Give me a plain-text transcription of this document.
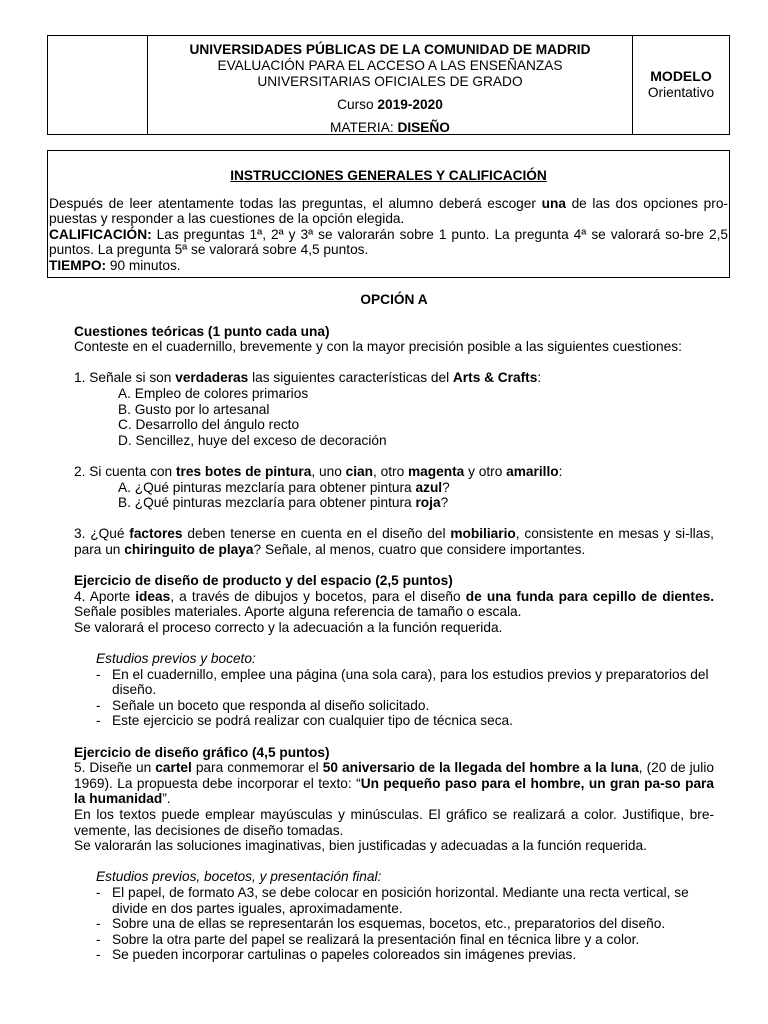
UNIVERSIDADES PÚBLICAS DE LA COMUNIDAD DE MADRID
EVALUACIÓN PARA EL ACCESO A LAS ENSEÑANZAS
UNIVERSITARIAS OFICIALES DE GRADO
Curso 2019-2020
MATERIA: DISEÑO
MODELO
Orientativo
INSTRUCCIONES GENERALES Y CALIFICACIÓN

Después de leer atentamente todas las preguntas, el alumno deberá escoger una de las dos opciones pro-puestas y responder a las cuestiones de la opción elegida.

CALIFICACIÓN: Las preguntas 1ª, 2ª y 3ª se valorarán sobre 1 punto. La pregunta 4ª se valorará so-bre 2,5 puntos. La pregunta 5ª se valorará sobre 4,5 puntos.

TIEMPO: 90 minutos.

OPCIÓN A

Cuestiones teóricas (1 punto cada una)

Conteste en el cuadernillo, brevemente y con la mayor precisión posible a las siguientes cuestiones:

1. Señale si son verdaderas las siguientes características del Arts & Crafts:

A. Empleo de colores primarios

B. Gusto por lo artesanal

C. Desarrollo del ángulo recto

D. Sencillez, huye del exceso de decoración

2. Si cuenta con tres botes de pintura, uno cian, otro magenta y otro amarillo:

A. ¿Qué pinturas mezclaría para obtener pintura azul?

B. ¿Qué pinturas mezclaría para obtener pintura roja?

3. ¿Qué factores deben tenerse en cuenta en el diseño del mobiliario, consistente en mesas y si-llas, para un chiringuito de playa? Señale, al menos, cuatro que considere importantes.

Ejercicio de diseño de producto y del espacio (2,5 puntos)

4. Aporte ideas, a través de dibujos y bocetos, para el diseño de una funda para cepillo de dientes. Señale posibles materiales. Aporte alguna referencia de tamaño o escala.

Se valorará el proceso correcto y la adecuación a la función requerida.

Estudios previos y boceto:

- En el cuadernillo, emplee una página (una sola cara), para los estudios previos y preparatorios del diseño.
- Señale un boceto que responda al diseño solicitado.
- Este ejercicio se podrá realizar con cualquier tipo de técnica seca.

Ejercicio de diseño gráfico (4,5 puntos)

5. Diseñe un cartel para conmemorar el 50 aniversario de la llegada del hombre a la luna, (20 de julio 1969). La propuesta debe incorporar el texto: “Un pequeño paso para el hombre, un gran pa-so para la humanidad”.

En los textos puede emplear mayúsculas y minúsculas. El gráfico se realizará a color. Justifique, bre-vemente, las decisiones de diseño tomadas.

Se valorarán las soluciones imaginativas, bien justificadas y adecuadas a la función requerida.

Estudios previos, bocetos, y presentación final:

- El papel, de formato A3, se debe colocar en posición horizontal. Mediante una recta vertical, se divide en dos partes iguales, aproximadamente.
- Sobre una de ellas se representarán los esquemas, bocetos, etc., preparatorios del diseño.
- Sobre la otra parte del papel se realizará la presentación final en técnica libre y a color.
- Se pueden incorporar cartulinas o papeles coloreados sin imágenes previas.
